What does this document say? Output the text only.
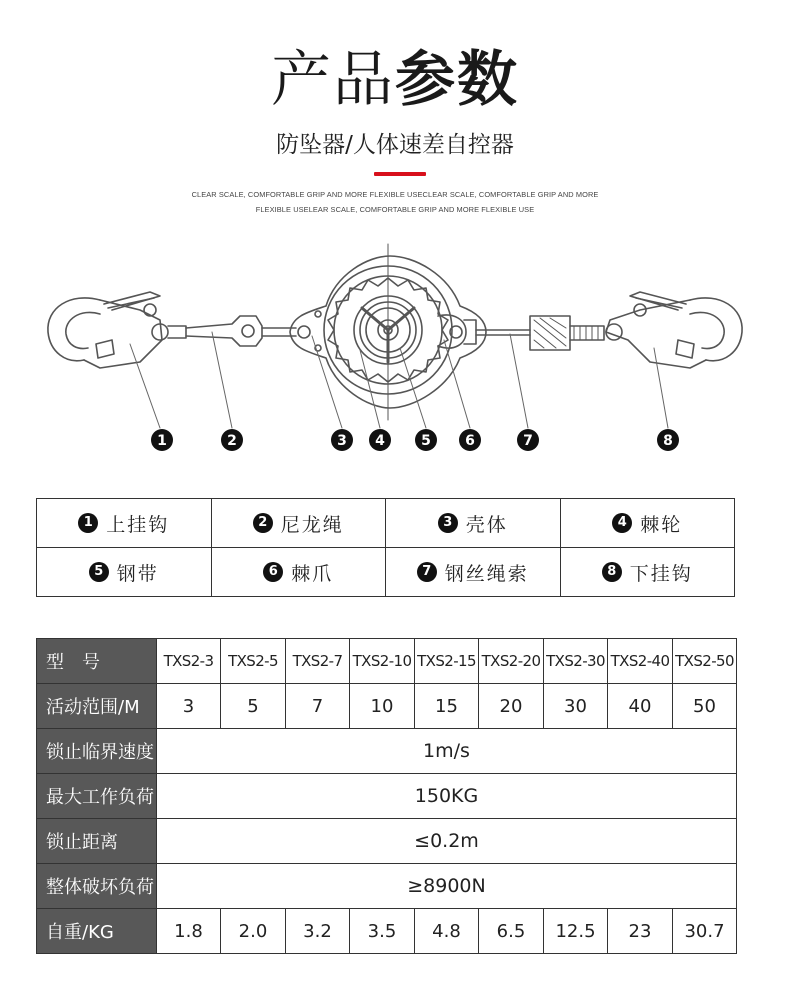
产品参数
防坠器/人体速差自控器
CLEAR SCALE, COMFORTABLE GRIP AND MORE FLEXIBLE USECLEAR SCALE, COMFORTABLE GRIP AND MORE FLEXIBLE USELEAR SCALE, COMFORTABLE GRIP AND MORE FLEXIBLE USE
1	2	3 4	5 6	7	8
1 上挂钩	2 尼龙绳	3 壳体	4 棘轮
5 钢带	6 棘爪	7 钢丝绳索	8 下挂钩
型　号	TXS2-3	TXS2-5	TXS2-7	TXS2-10	TXS2-15	TXS2-20	TXS2-30	TXS2-40	TXS2-50
活动范围/M	3	5	7	10	15	20	30	40	50
锁止临界速度	1m/s								
最大工作负荷	150KG								
锁止距离	≤0.2m								
整体破坏负荷	≥8900N								
自重/KG	1.8	2.0	3.2	3.5	4.8	6.5	12.5	23	30.7
